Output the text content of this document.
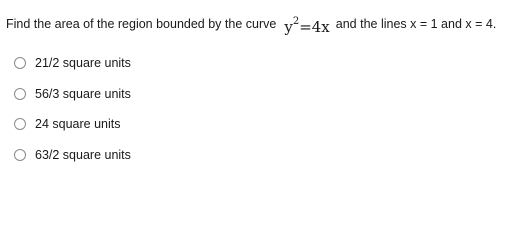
Find the area of the region bounded by the curve $y^2=4x$ and the lines x = 1 and x = 4.
21/2 square units
56/3 square units
24 square units
63/2 square units
